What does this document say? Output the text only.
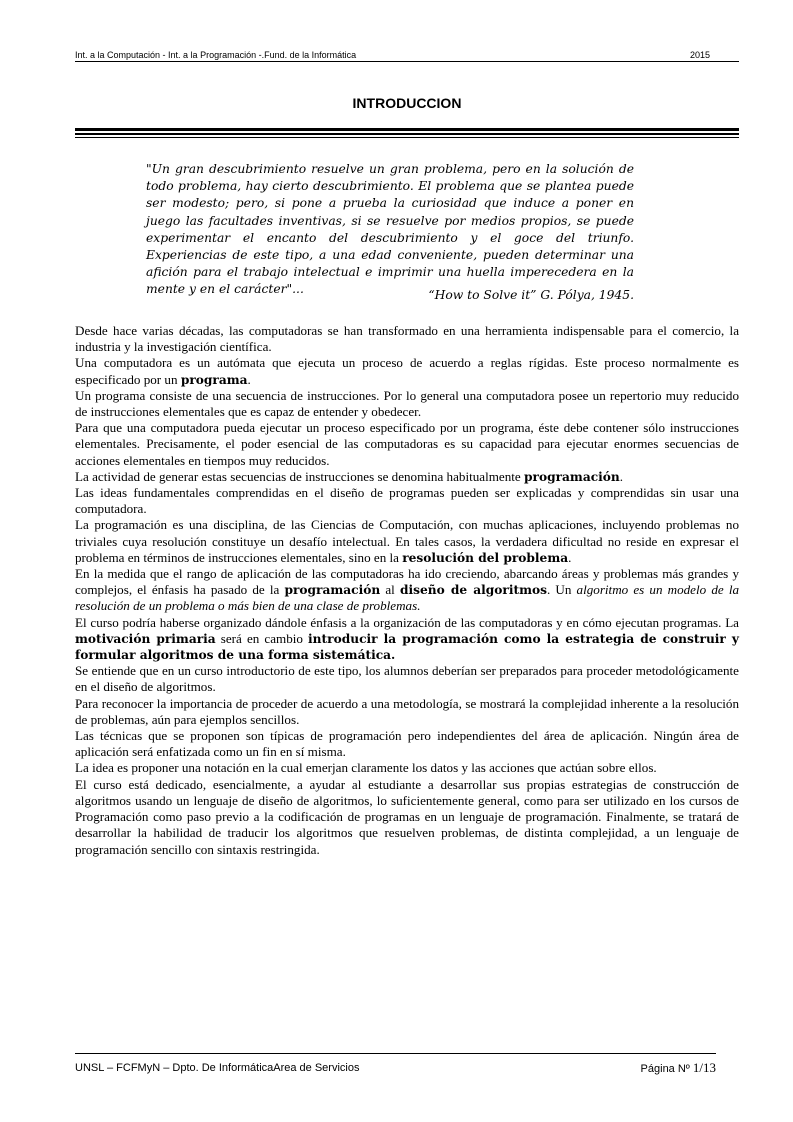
Int. a la Computación - Int. a la Programación -.Fund. de la Informática	2015
INTRODUCCION
"Un gran descubrimiento resuelve un gran problema, pero en la solución de todo problema, hay cierto descubrimiento. El problema que se plantea puede ser modesto; pero, si pone a prueba la curiosidad que induce a poner en juego las facultades inventivas, si se resuelve por medios propios, se puede experimentar el encanto del descubrimiento y el goce del triunfo. Experiencias de este tipo, a una edad conveniente, pueden determinar una afición para el trabajo intelectual e imprimir una huella imperecedera en la mente y en el carácter"...	“How to Solve it” G. Pólya, 1945.

Desde hace varias décadas, las computadoras se han transformado en una herramienta indispensable para el comercio, la industria y la investigación científica.

Una computadora es un autómata que ejecuta un proceso de acuerdo a reglas rígidas. Este proceso normalmente es especificado por un programa.

Un programa consiste de una secuencia de instrucciones. Por lo general una computadora posee un repertorio muy reducido de instrucciones elementales que es capaz de entender y obedecer.

Para que una computadora pueda ejecutar un proceso especificado por un programa, éste debe contener sólo instrucciones elementales. Precisamente, el poder esencial de las computadoras es su capacidad para ejecutar enormes secuencias de acciones elementales en tiempos muy reducidos.

La actividad de generar estas secuencias de instrucciones se denomina habitualmente programación.

Las ideas fundamentales comprendidas en el diseño de programas pueden ser explicadas y comprendidas sin usar una computadora.

La programación es una disciplina, de las Ciencias de Computación, con muchas aplicaciones, incluyendo problemas no triviales cuya resolución constituye un desafío intelectual. En tales casos, la verdadera dificultad no reside en expresar el problema en términos de instrucciones elementales, sino en la resolución del problema.

En la medida que el rango de aplicación de las computadoras ha ido creciendo, abarcando áreas y problemas más grandes y complejos, el énfasis ha pasado de la programación al diseño de algoritmos. Un algoritmo es un modelo de la resolución de un problema o más bien de una clase de problemas.

El curso podría haberse organizado dándole énfasis a la organización de las computadoras y en cómo ejecutan programas. La motivación primaria será en cambio introducir la programación como la estrategia de construir y formular algoritmos de una forma sistemática.

Se entiende que en un curso introductorio de este tipo, los alumnos deberían ser preparados para proceder metodológicamente en el diseño de algoritmos.

Para reconocer la importancia de proceder de acuerdo a una metodología, se mostrará la complejidad inherente a la resolución de problemas, aún para ejemplos sencillos.

Las técnicas que se proponen son típicas de programación pero independientes del área de aplicación. Ningún área de aplicación será enfatizada como un fin en sí misma.

La idea es proponer una notación en la cual emerjan claramente los datos y las acciones que actúan sobre ellos.

El curso está dedicado, esencialmente, a ayudar al estudiante a desarrollar sus propias estrategias de construcción de algoritmos usando un lenguaje de diseño de algoritmos, lo suficientemente general, como para ser utilizado en los cursos de Programación como paso previo a la codificación de programas en un lenguaje de programación. Finalmente, se tratará de desarrollar la habilidad de traducir los algoritmos que resuelven problemas, de distinta complejidad, a un lenguaje de programación sencillo con sintaxis restringida.

UNSL – FCFMyN – Dpto. De InformáticaArea de Servicios	Página Nº 1/13
